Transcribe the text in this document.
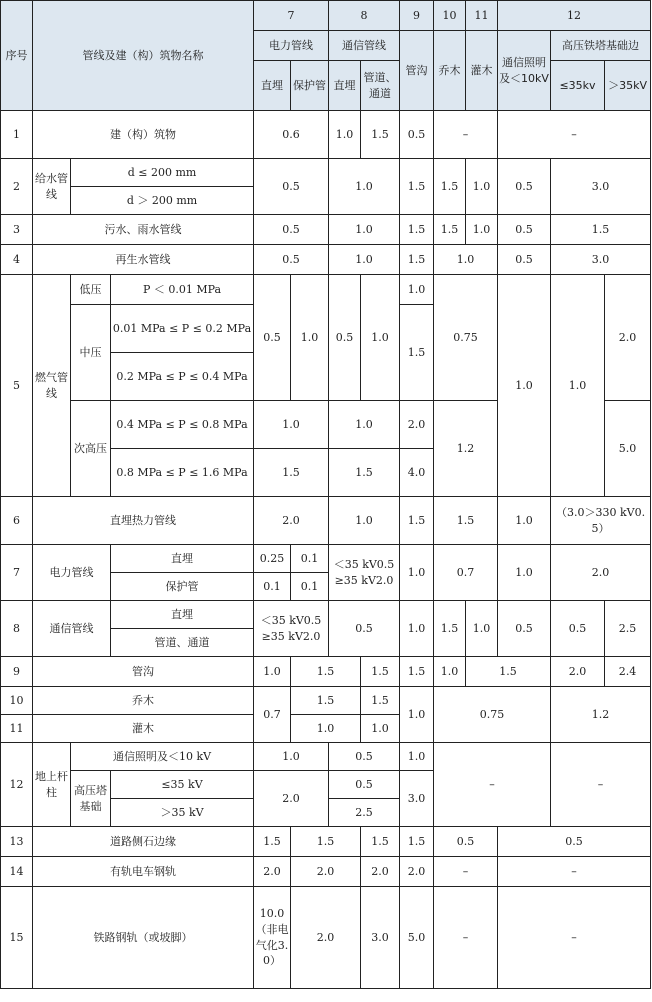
序号	管线及建（构）筑物名称			7		8		9	10	11	12		
				电力管线		通信管线		管沟	乔木	灌木	通信照明及＜10kV	高压铁塔基础边	
				直埋	保护管	直埋	管道、通道					≤35kv	＞35kV
1	建（构）筑物			0.6		1.0	1.5	0.5	–		–		
2	给水管线	d ≤ 200 mm		0.5		1.0		1.5	1.5	1.0	0.5	3.0	
		d ＞ 200 mm											
3	污水、雨水管线			0.5		1.0		1.5	1.5	1.0	0.5	1.5	
4	再生水管线			0.5		1.0		1.5	1.0		0.5	3.0	
5	燃气管线	低压	P ＜ 0.01 MPa	0.5	1.0	0.5	1.0	1.0	0.75		1.0	1.0	2.0
		中压	0.01 MPa ≤ P ≤ 0.2 MPa					1.5					
			0.2 MPa ≤ P ≤ 0.4 MPa										
		次高压	0.4 MPa ≤ P ≤ 0.8 MPa	1.0		1.0		2.0	1.2				5.0
			0.8 MPa ≤ P ≤ 1.6 MPa	1.5		1.5		4.0					
6	直埋热力管线			2.0		1.0		1.5	1.5		1.0	（3.0＞330 kV0.5）	
7	电力管线		直埋	0.25	0.1	＜35 kV0.5 ≥35 kV2.0		1.0	0.7		1.0	2.0	
			保护管	0.1	0.1								
8	通信管线		直埋	＜35 kV0.5 ≥35 kV2.0		0.5		1.0	1.5	1.0	0.5	0.5	2.5
			管道、通道										
9	管沟			1.0	1.5		1.5	1.5	1.0	1.5		2.0	2.4
10	乔木			0.7	1.5		1.5	1.0	0.75			1.2	
11	灌木				1.0		1.0						
12	地上杆柱	通信照明及＜10 kV		1.0		0.5		1.0	–			–	
		高压塔基础	≤35 kV	2.0		0.5		3.0					
			＞35 kV			2.5							
13	道路侧石边缘			1.5	1.5		1.5	1.5	0.5		0.5		
14	有轨电车钢轨			2.0	2.0		2.0	2.0	–		–		
15	铁路钢轨（或坡脚）			10.0（非电气化3.0）	2.0		3.0	5.0	–		–		
